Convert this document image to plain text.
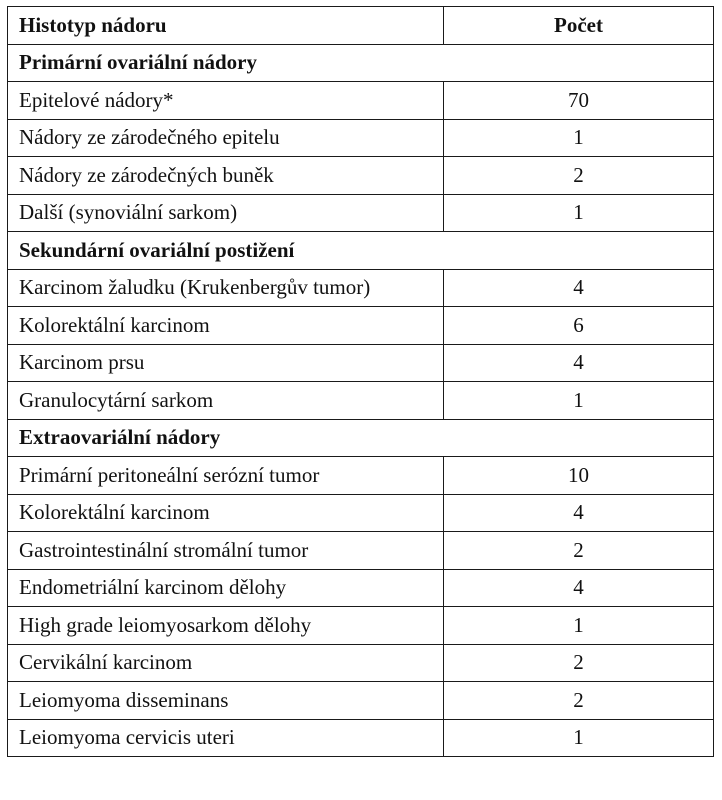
Histotyp nádoru	Počet
Primární ovariální nádory	
Epitelové nádory*	70
Nádory ze zárodečného epitelu	1
Nádory ze zárodečných buněk	2
Další (synoviální sarkom)	1
Sekundární ovariální postižení	
Karcinom žaludku (Krukenbergův tumor)	4
Kolorektální karcinom	6
Karcinom prsu	4
Granulocytární sarkom	1
Extraovariální nádory	
Primární peritoneální serózní tumor	10
Kolorektální karcinom	4
Gastrointestinální stromální tumor	2
Endometriální karcinom dělohy	4
High grade leiomyosarkom dělohy	1
Cervikální karcinom	2
Leiomyoma disseminans	2
Leiomyoma cervicis uteri	1
